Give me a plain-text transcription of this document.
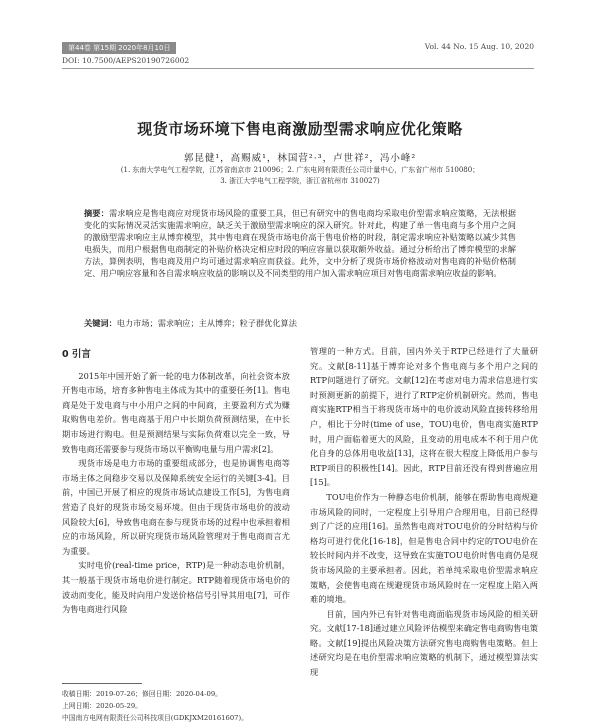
第44卷 第15期 2020年8月10日	Vol. 44 No. 15 Aug. 10, 2020
DOI: 10.7500/AEPS20190726002
现货市场环境下售电商激励型需求响应优化策略
郭昆健¹，高赐威¹，林国营²·³，卢世祥²，冯小峰²
(1. 东南大学电气工程学院，江苏省南京市 210096；2. 广东电网有限责任公司计量中心，广东省广州市 510080；
3. 浙江大学电气工程学院，浙江省杭州市 310027)
摘要：需求响应是售电商应对现货市场风险的重要工具，但已有研究中的售电商均采取电价型需求响应策略，无法根据变化的实际情况灵活实施需求响应，缺乏关于激励型需求响应的深入研究。针对此，构建了单一售电商与多个用户之间的激励型需求响应主从博弈模型，其中售电商在现货市场电价高于售电价格的时段，制定需求响应补贴策略以减少其售电损失，而用户根据售电商制定的补贴价格决定相应时段的响应容量以获取额外收益。通过分析给出了博弈模型的求解方法，算例表明，售电商及用户均可通过需求响应而获益。此外，文中分析了现货市场价格波动对售电商的补贴价格制定、用户响应容量和各自需求响应收益的影响以及不同类型的用户加入需求响应项目对售电商需求响应收益的影响。
关键词：电力市场；需求响应；主从博弈；粒子群优化算法
0 引言

2015年中国开始了新一轮的电力体制改革，向社会资本放开售电市场，培育多种售电主体成为其中的重要任务[1]。售电商是处于发电商与中小用户之间的中间商，主要盈利方式为赚取购售电差价。售电商基于用户中长期负荷预测结果，在中长期市场进行购电。但是预测结果与实际负荷难以完全一致，导致售电商还需要参与现货市场以平衡购电量与用户需求[2]。

现货市场是电力市场的重要组成部分，也是协调售电商等市场主体之间稳步交易以及保障系统安全运行的关键[3-4]。目前，中国已开展了相应的现货市场试点建设工作[5]，为售电商营造了良好的现货市场交易环境。但由于现货市场电价的波动风险较大[6]，导致售电商在参与现货市场的过程中也承担着相应的市场风险，所以研究现货市场风险管理对于售电商而言尤为重要。

实时电价(real-time price，RTP)是一种动态电价机制，其一般基于现货市场电价进行制定。RTP随着现货市场电价的波动而变化，能及时向用户发送价格信号引导其用电[7]，可作为售电商进行风险

管理的一种方式。目前，国内外关于RTP已经进行了大量研究。文献[8-11]基于博弈论对多个售电商与多个用户之间的RTP问题进行了研究。文献[12]在考虑对电力需求信息进行实时预测更新的前提下，进行了RTP定价机制研究。然而，售电商实施RTP相当于将现货市场中的电价波动风险直接转移给用户，相比于分时(time of use，TOU)电价，售电商实施RTP时，用户面临着更大的风险，且变动的用电成本不利于用户优化自身的总体用电收益[13]，这将在很大程度上降低用户参与RTP项目的积极性[14]。因此，RTP目前还没有得到普遍应用[15]。

TOU电价作为一种静态电价机制，能够在帮助售电商规避市场风险的同时，一定程度上引导用户合理用电，目前已经得到了广泛的应用[16]。虽然售电商对TOU电价的分时结构与价格均可进行优化[16-18]，但是售电合同中约定的TOU电价在较长时间内并不改变，这导致在实施TOU电价时售电商仍是现货市场风险的主要承担者。因此，若单纯采取电价型需求响应策略，会使售电商在规避现货市场风险时在一定程度上陷入两难的境地。

目前，国内外已有针对售电商面临现货市场风险的相关研究。文献[17-18]通过建立风险评估模型来确定售电商购售电策略。文献[19]提出风险决策方法研究售电商购售电策略。但上述研究均是在电价型需求响应策略的机制下，通过模型算法实现

收稿日期：2019-07-26；修回日期：2020-04-09。
上网日期：2020-05-29。
中国南方电网有限责任公司科技项目(GDKJXM20161607)。
